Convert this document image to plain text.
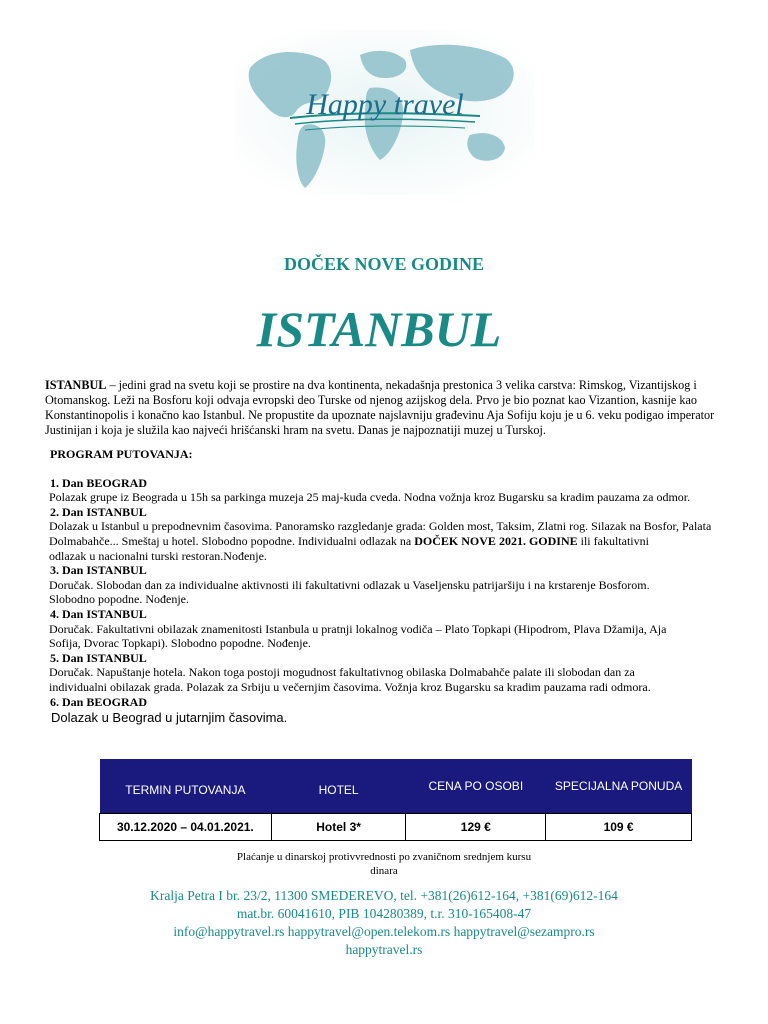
Happy travel
DOČEK NOVE GODINE
ISTANBUL
ISTANBUL – jedini grad na svetu koji se prostire na dva kontinenta, nekadašnja prestonica 3 velika carstva: Rimskog, Vizantijskog i Otomanskog. Leži na Bosforu koji odvaja evropski deo Turske od njenog azijskog dela. Prvo je bio poznat kao Vizantion, kasnije kao Konstantinopolis i konačno kao Istanbul. Ne propustite da upoznate najslavniju građevinu Aja Sofiju koju je u 6. veku podigao imperator Justinijan i koja je služila kao najveći hrišćanski hram na svetu. Danas je najpoznatiji muzej u Turskoj.
PROGRAM PUTOVANJA:
1. Dan BEOGRAD
Polazak grupe iz Beograda u 15h sa parkinga muzeja 25 maj-kuda cveda. Nodna vožnja kroz Bugarsku sa kradim pauzama za odmor.
2. Dan ISTANBUL
Dolazak u Istanbul u prepodnevnim časovima. Panoramsko razgledanje grada: Golden most, Taksim, Zlatni rog. Silazak na Bosfor, Palata
Dolmabahče... Smeštaj u hotel. Slobodno popodne. Individualni odlazak na DOČEK NOVE 2021. GODINE ili fakultativni
odlazak u nacionalni turski restoran.Nođenje.
3. Dan ISTANBUL
Doručak. Slobodan dan za individualne aktivnosti ili fakultativni odlazak u Vaseljensku patrijaršiju i na krstarenje Bosforom.
Slobodno popodne. Nođenje.
4. Dan ISTANBUL
Doručak. Fakultativni obilazak znamenitosti Istanbula u pratnji lokalnog vodiča – Plato Topkapi (Hipodrom, Plava Džamija, Aja
Sofija, Dvorac Topkapi). Slobodno popodne. Nođenje.
5. Dan ISTANBUL
Doručak. Napuštanje hotela. Nakon toga postoji mogudnost fakultativnog obilaska Dolmabahče palate ili slobodan dan za
individualni obilazak grada. Polazak za Srbiju u večernjim časovima. Vožnja kroz Bugarsku sa kradim pauzama radi odmora.
6. Dan BEOGRAD
Dolazak u Beograd u jutarnjim časovima.
TERMIN PUTOVANJA	HOTEL	CENA PO OSOBI	SPECIJALNA PONUDA
30.12.2020 – 04.01.2021.	Hotel 3*	129 €	109 €
Plaćanje u dinarskoj protivvrednosti po zvaničnom srednjem kursu
dinara
Kralja Petra I br. 23/2, 11300 SMEDEREVO, tel. +381(26)612-164, +381(69)612-164
mat.br. 60041610, PIB 104280389, t.r. 310-165408-47
info@happytravel.rs happytravel@open.telekom.rs happytravel@sezampro.rs
happytravel.rs
